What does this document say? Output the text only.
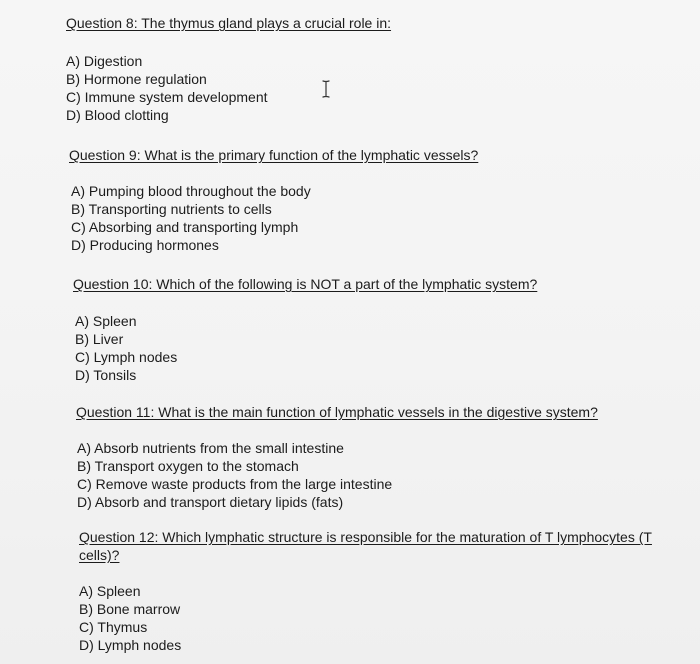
Question 8: The thymus gland plays a crucial role in:

A) Digestion
B) Hormone regulation
C) Immune system development
D) Blood clotting

Question 9: What is the primary function of the lymphatic vessels?

A) Pumping blood throughout the body
B) Transporting nutrients to cells
C) Absorbing and transporting lymph
D) Producing hormones

Question 10: Which of the following is NOT a part of the lymphatic system?

A) Spleen
B) Liver
C) Lymph nodes
D) Tonsils

Question 11: What is the main function of lymphatic vessels in the digestive system?

A) Absorb nutrients from the small intestine
B) Transport oxygen to the stomach
C) Remove waste products from the large intestine
D) Absorb and transport dietary lipids (fats)

Question 12: Which lymphatic structure is responsible for the maturation of T lymphocytes (T

cells)?

A) Spleen
B) Bone marrow
C) Thymus
D) Lymph nodes
